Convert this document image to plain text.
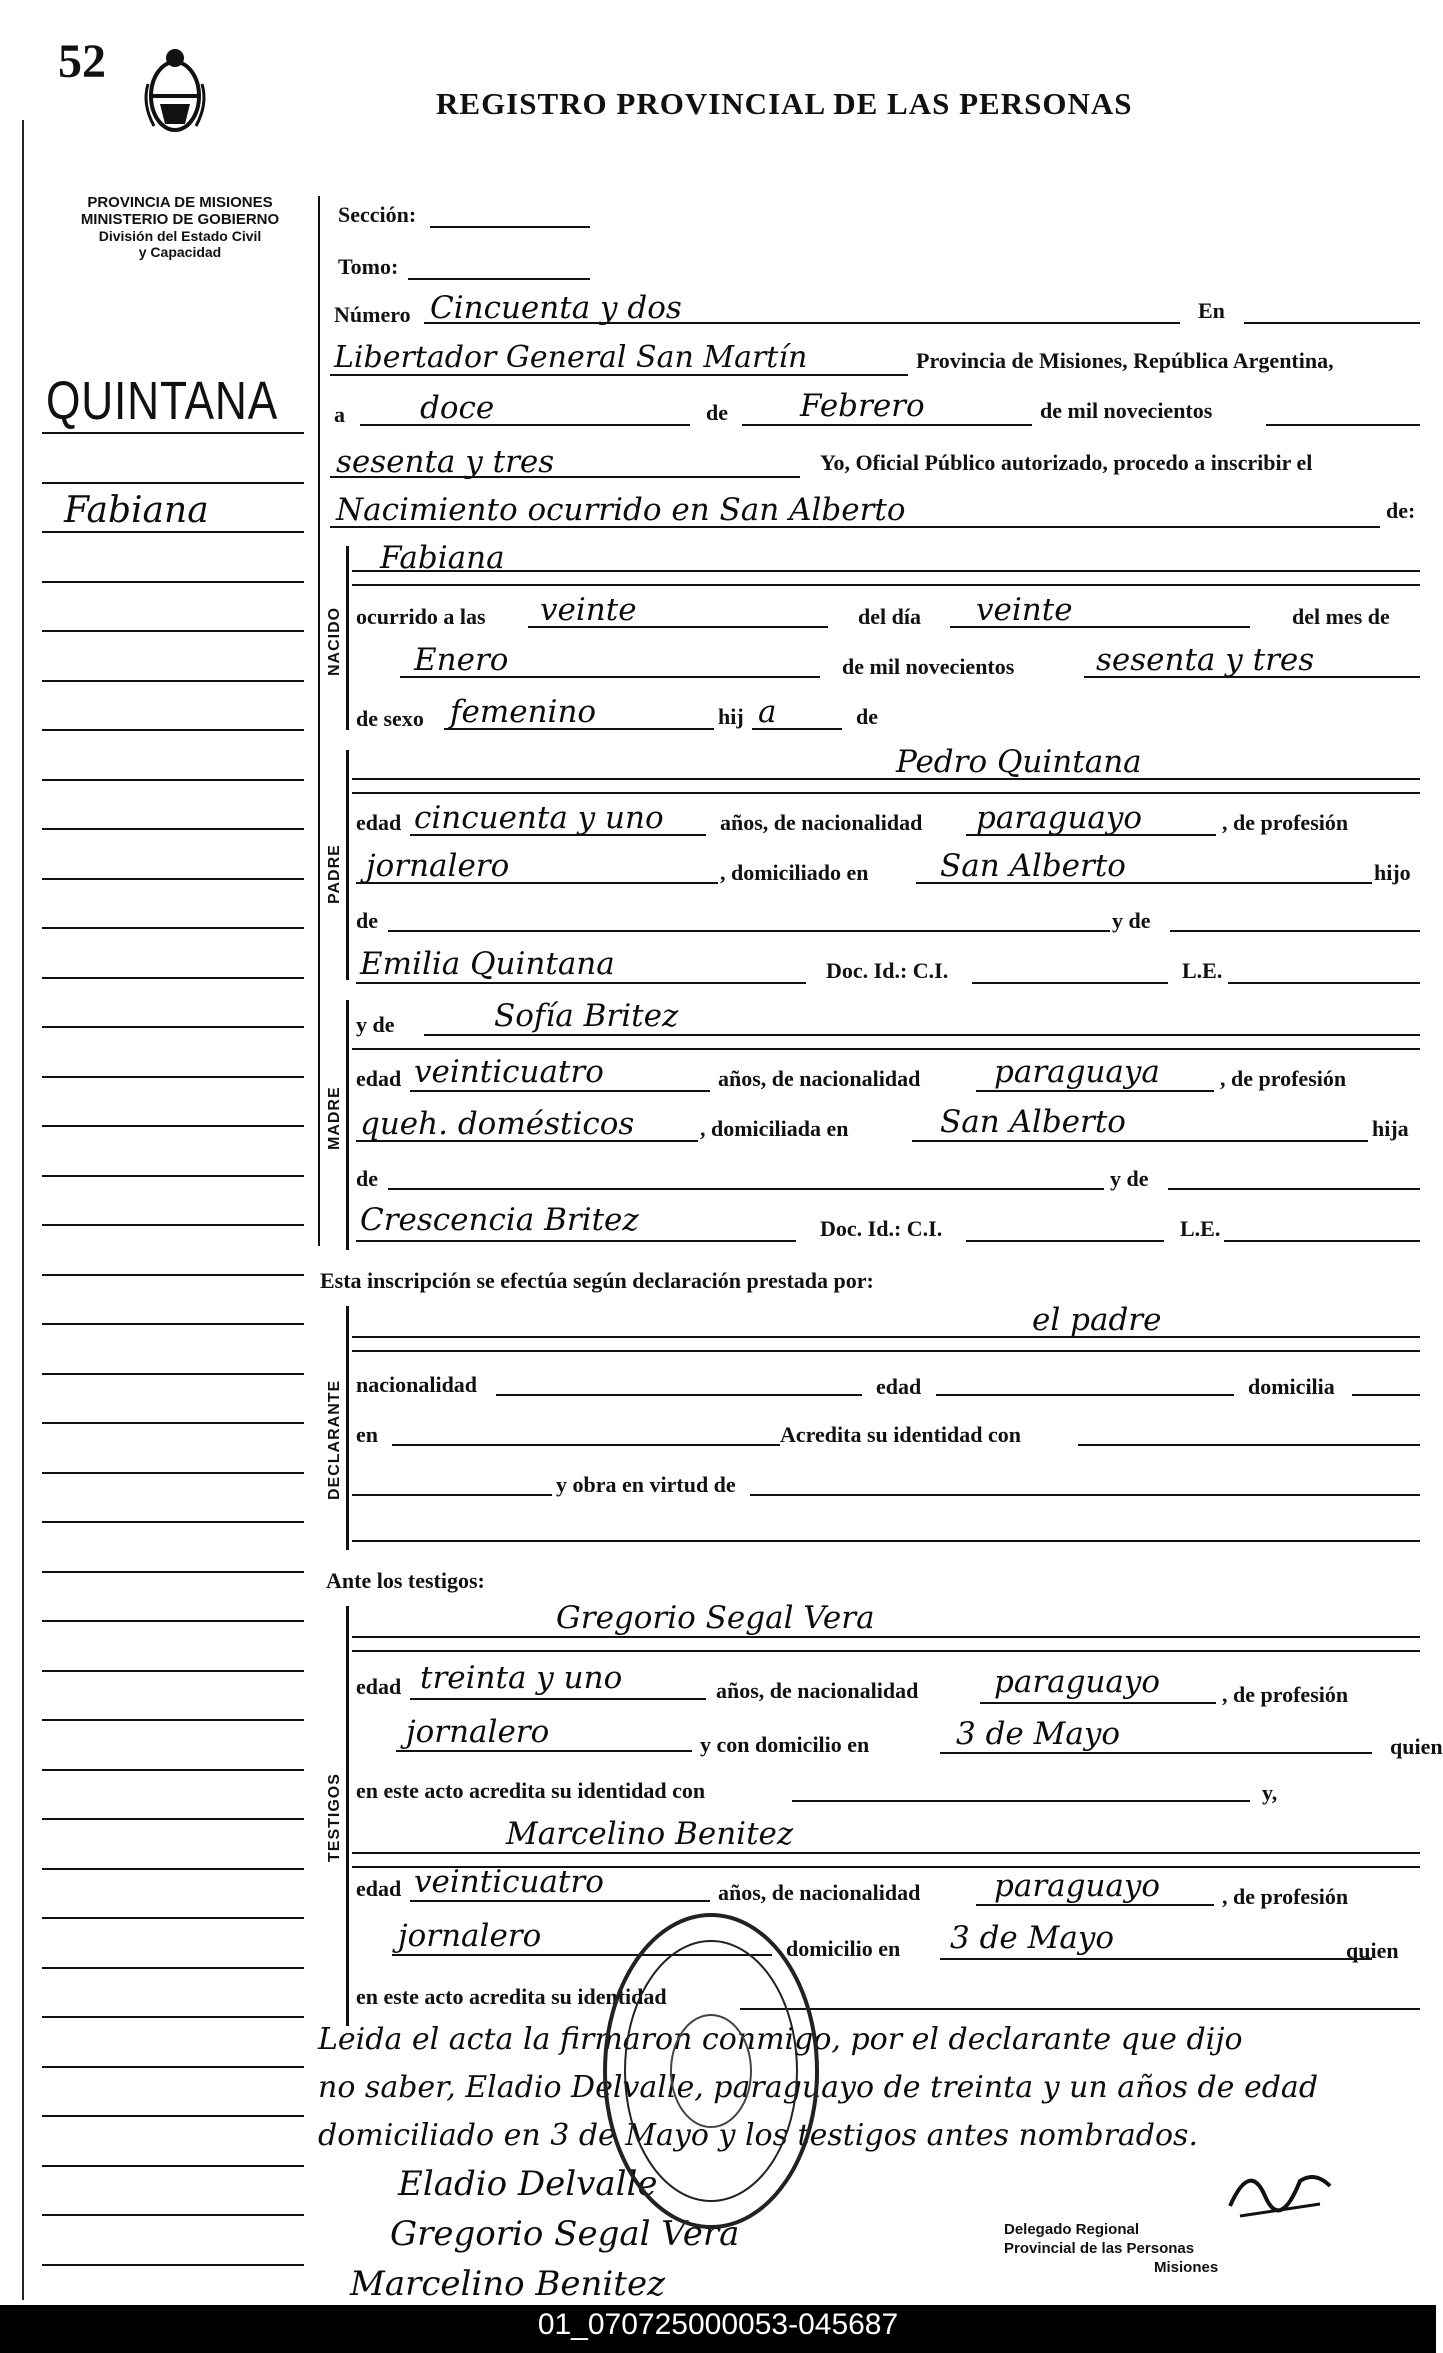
52
REGISTRO PROVINCIAL DE LAS PERSONAS
PROVINCIA DE MISIONES
MINISTERIO DE GOBIERNO
División del Estado Civil
y Capacidad
QUINTANA
Fabiana
Sección:
Tomo:
Número Cincuenta y dos	En
Libertador General San Martín	Provincia de Misiones, República Argentina,
a doce	de Febrero	de mil novecientos
sesenta y tres	Yo, Oficial Público autorizado, procedo a inscribir el
Nacimiento ocurrido en San Alberto	de:
NACIDO
Fabiana
ocurrido a las veinte	del día veinte	del mes de
Enero	de mil novecientos	sesenta y tres
de sexo femenino	hij a	de
PADRE
Pedro Quintana
edad cincuenta y uno	años, de nacionalidad paraguayo	, de profesión
jornalero	, domiciliado en San Alberto	hijo
de	y de
Emilia Quintana	Doc. Id.: C.I.	L.E.
MADRE
y de	Sofía Britez
edad veinticuatro	años, de nacionalidad paraguaya	, de profesión
queh. domésticos	, domiciliada en	San Alberto	hija
de	y de
Crescencia Britez	Doc. Id.: C.I.	L.E.
Esta inscripción se efectúa según declaración prestada por:
DECLARANTE
el padre
nacionalidad	edad	domicilia
en	Acredita su identidad con
y obra en virtud de
Ante los testigos:
TESTIGOS
Gregorio Segal Vera
edad treinta y uno	años, de nacionalidad paraguayo	, de profesión
jornalero	y con domicilio en	3 de Mayo	quien
en este acto acredita su identidad con	y,
Marcelino Benitez
edad veinticuatro	años, de nacionalidad paraguayo	, de profesión
jornalero	domicilio en 3 de Mayo	quien
en este acto acredita su identidad
Leida el acta la firmaron conmigo, por el declarante que dijo
no saber, Eladio Delvalle, paraguayo de treinta y un años de edad
domiciliado en 3 de Mayo y los testigos antes nombrados.
Eladio Delvalle
Gregorio Segal Vera
Marcelino Benitez
Delegado Regional
Provincial de las Personas
Misiones
01_070725000053-045687
